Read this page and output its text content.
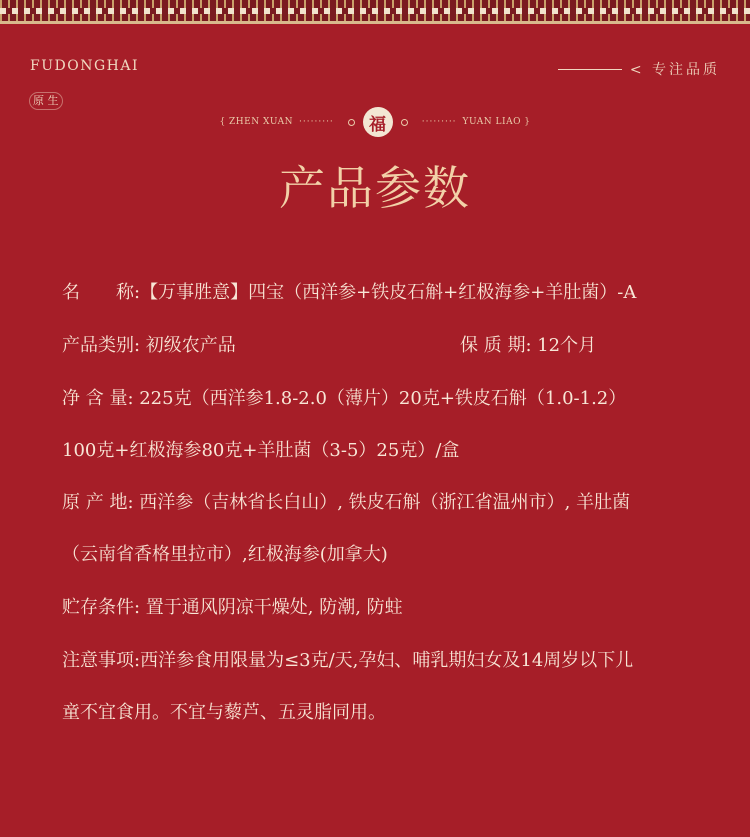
FUDONGHAI
原 生
< 专注品质
{ ZHEN XUAN ·········	福	········· YUAN LIAO }
产品参数
名　　称:【万事胜意】四宝（西洋参+铁皮石斛+红极海参+羊肚菌）-A
产品类别: 初级农产品	保 质 期: 12个月
净 含 量: 225克（西洋参1.8-2.0（薄片）20克+铁皮石斛（1.0-1.2）
100克+红极海参80克+羊肚菌（3-5）25克）/盒
原 产 地: 西洋参（吉林省长白山）, 铁皮石斛（浙江省温州市）, 羊肚菌
（云南省香格里拉市）,红极海参(加拿大)
贮存条件: 置于通风阴凉干燥处, 防潮, 防蛀
注意事项:西洋参食用限量为≤3克/天,孕妇、哺乳期妇女及14周岁以下儿
童不宜食用。不宜与藜芦、五灵脂同用。
